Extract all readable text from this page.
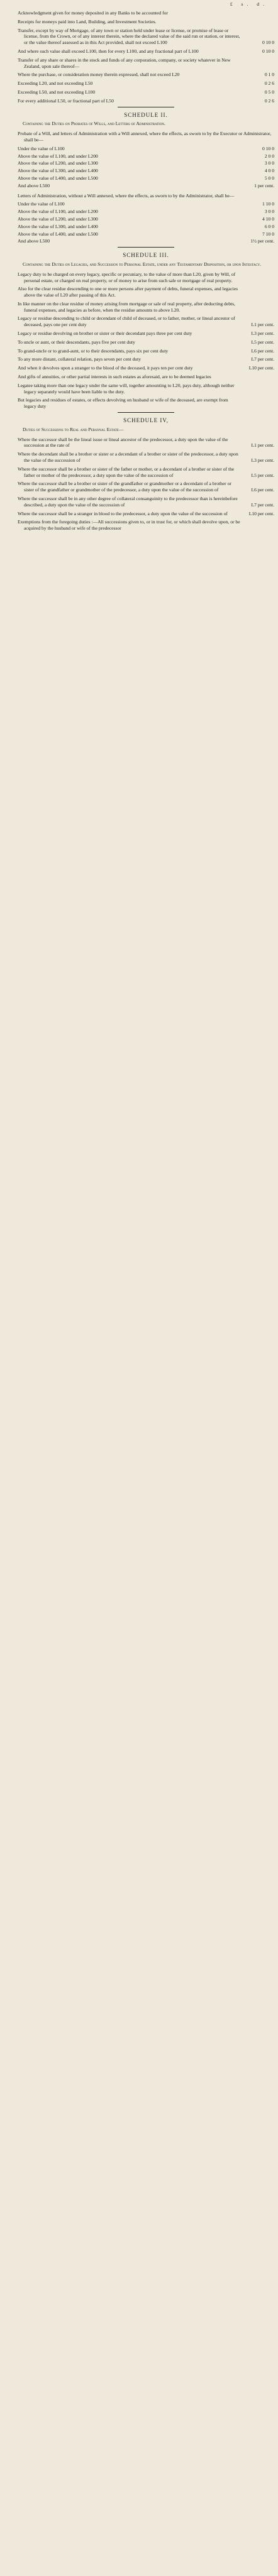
£ s. d.
Acknowledgment given for money deposited in any Banks to be accounted for
Receipts for moneys paid into Land, Building, and Investment Societies.
Transfer, except by way of Mortgage, of any town or station held under lease or license, or promise of lease or license, from the Crown, or of any interest therein, where the declared value of the said run or station, or interest, or the value thereof assessed as in this Act provided, shall not exceed L100	0 10 0
And where such value shall exceed L100, then for every L100, and any fractional part of L100	0 10 0
Transfer of any share or shares in the stock and funds of any corporation, company, or society whatever in New Zealand, upon sale thereof—
Where the purchase, or consideration money therein expressed, shall not exceed L20	0 1 0
Exceeding L20, and not exceeding L50	0 2 6
Exceeding L50, and not exceeding L100	0 5 0
For every additional L50, or fractional part of L50	0 2 6
SCHEDULE II.
Containing the Duties on Probates of Wills, and Letters of Administration.
Probate of a Will, and letters of Administration with a Will annexed, where the effects, as sworn to by the Executor or Administrator, shall be—
Under the value of L100	0 10 0
Above the value of L100, and under L200	2 0 0
Above the value of L200, and under L300	3 0 0
Above the value of L300, and under L400	4 0 0
Above the value of L400, and under L500	5 0 0
And above L500	1 per cent.
Letters of Administration, without a Will annexed, where the effects, as sworn to by the Administrator, shall be—
Under the value of L100	1 10 0
Above the value of L100, and under L200	3 0 0
Above the value of L200, and under L300	4 10 0
Above the value of L300, and under L400	6 0 0
Above the value of L400, and under L500	7 10 0
And above L500	1½ per cent.
SCHEDULE III.
Containing the Duties on Legacies, and Succession to Personal Estate, under any Testamentary Disposition, or upon Intestacy.
Legacy duty to be charged on every legacy, specific or pecuniary, to the value of more than L20, given by Will, of personal estate, or charged on real property, or of money to arise from such sale or mortgage of real property.
Also for the clear residue descending to one or more persons after payment of debts, funeral expenses, and legacies above the value of L20 after passing of this Act.
In like manner on the clear residue of money arising from mortgage or sale of real property, after deducting debts, funeral expenses, and legacies as before, when the residue amounts to above L20.
Legacy or residue descending to child or decendant of child of deceased, or to father, mother, or lineal ancestor of deceased, pays one per cent duty	L1 per cent.
Legacy or residue devolving on brother or sister or their decendant pays three per cent duty	L3 per cent.
To uncle or aunt, or their descendants, pays five per cent duty	L5 per cent.
To grand-uncle or to grand-aunt, or to their descendants, pays six per cent duty	L6 per cent.
To any more distant, collateral relation, pays seven per cent duty	L7 per cent.
And when it devolves upon a stranger to the blood of the deceased, it pays ten per cent duty	L10 per cent.
And gifts of annuities, or other partial interests in such estates as aforesaid, are to be deemed legacies
Legatee taking more than one legacy under the same will, together amounting to L20, pays duty, although neither legacy separately would have been liable to the duty.
But legacies and residues of estates, or effects devolving on husband or wife of the deceased, are exempt from legacy duty
SCHEDULE IV,
Duties of Successions to Real and Personal Estate—
Where the successor shall be the lineal issue or lineal ancestor of the predecessor, a duty upon the value of the succession at the rate of	L1 per cent.
Where the decendant shall be a brother or sister or a decendant of a brother or sister of the predecessor, a duty upon the value of the succession of	L3 per cent.
Where the successor shall be a brother or sister of the father or mother, or a decendant of a brother or sister of the father or mother of the predecessor, a duty upon the value of the succession of	L5 per cent.
Where the successor shall be a brother or sister of the grandfather or grandmother or a decendant of a brother or sister of the grandfather or grandmother of the predecessor, a duty upon the value of the succession of	L6 per cent.
Where the successor shall be in any other degree of collateral consanguinity to the predecessor than is hereinbefore described, a duty upon the value of the succession of	L7 per cent.
Where the successor shall be a stranger in blood to the predecessor, a duty upon the value of the succession of	L10 per cent.
Exemptions from the foregoing duties :—All successions given to, or in trust for, or which shall devolve upon, or be acquired by the husband or wife of the predecessor
